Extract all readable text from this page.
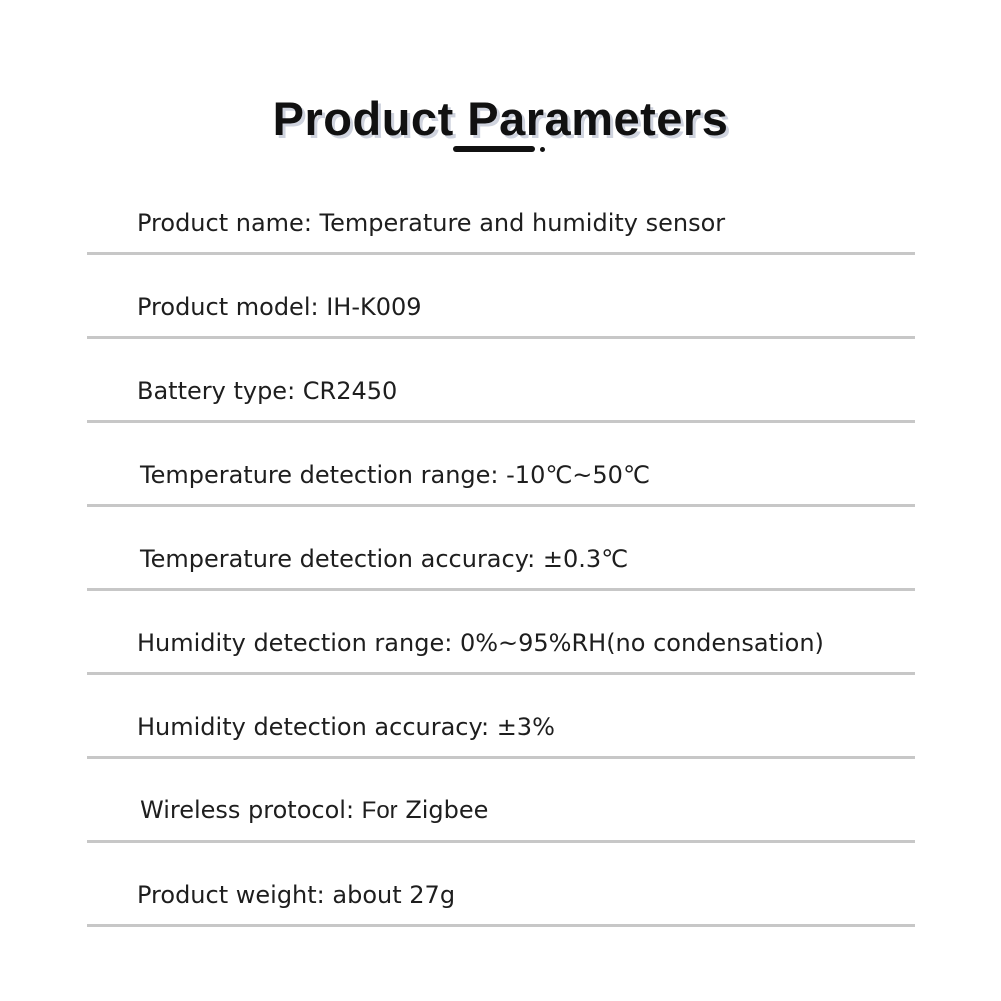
Product Parameters
Product name: Temperature and humidity sensor
Product model: IH-K009
Battery type: CR2450
Temperature detection range: -10℃~50℃
Temperature detection accuracy: ±0.3℃
Humidity detection range: 0%~95%RH(no condensation)
Humidity detection accuracy: ±3%
Wireless protocol: For Zigbee
Product weight: about 27g
